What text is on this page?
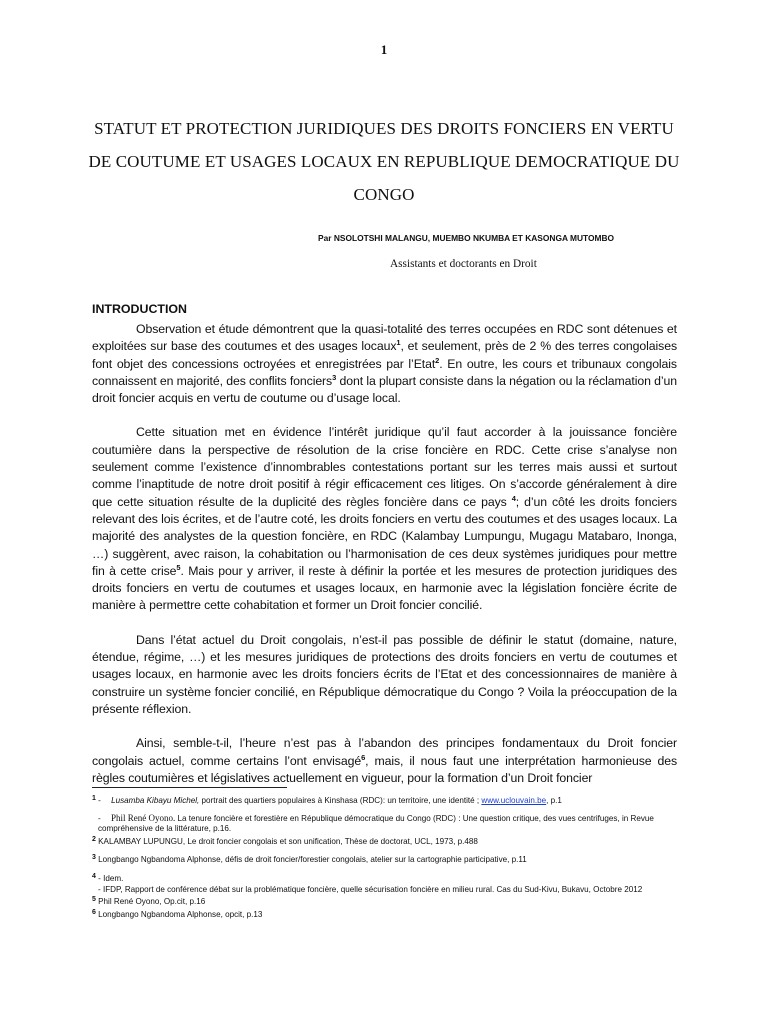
1
STATUT ET PROTECTION JURIDIQUES DES DROITS FONCIERS EN VERTU DE COUTUME ET USAGES LOCAUX EN REPUBLIQUE DEMOCRATIQUE DU CONGO
Par NSOLOTSHI MALANGU, MUEMBO NKUMBA ET KASONGA MUTOMBO
Assistants et doctorants en Droit
INTRODUCTION

Observation et étude démontrent que la quasi-totalité des terres occupées en RDC sont détenues et exploitées sur base des coutumes et des usages locaux$^1$, et seulement, près de 2 % des terres congolaises font objet des concessions octroyées et enregistrées par l’Etat$^2$. En outre, les cours et tribunaux congolais connaissent en majorité, des conflits fonciers$^3$ dont la plupart consiste dans la négation ou la réclamation d’un droit foncier acquis en vertu de coutume ou d’usage local.

Cette situation met en évidence l’intérêt juridique qu’il faut accorder à la jouissance foncière coutumière dans la perspective de résolution de la crise foncière en RDC. Cette crise s’analyse non seulement comme l’existence d’innombrables contestations portant sur les terres mais aussi et surtout comme l’inaptitude de notre droit positif à régir efficacement ces litiges. On s’accorde généralement à dire que cette situation résulte de la duplicité des règles foncière dans ce pays $^4$; d’un côté les droits fonciers relevant des lois écrites, et de l’autre coté, les droits fonciers en vertu des coutumes et des usages locaux. La majorité des analystes de la question foncière, en RDC (Kalambay Lumpungu, Mugagu Matabaro, Inonga, …) suggèrent, avec raison, la cohabitation ou l’harmonisation de ces deux systèmes juridiques pour mettre fin à cette crise$^5$. Mais pour y arriver, il reste à définir la portée et les mesures de protection juridiques des droits fonciers en vertu de coutumes et usages locaux, en harmonie avec la législation foncière écrite de manière à permettre cette cohabitation et former un Droit foncier concilié.

Dans l’état actuel du Droit congolais, n’est-il pas possible de définir le statut (domaine, nature, étendue, régime, …) et les mesures juridiques de protections des droits fonciers en vertu de coutumes et usages locaux, en harmonie avec les droits fonciers écrits de l’Etat et des concessionnaires de manière à construire un système foncier concilié, en République démocratique du Congo ? Voila la préoccupation de la présente réflexion.

Ainsi, semble-t-il, l’heure n’est pas à l’abandon des principes fondamentaux du Droit foncier congolais actuel, comme certains l’ont envisagé$^6$, mais, il nous faut une interprétation harmonieuse des règles coutumières et législatives actuellement en vigueur, pour la formation d’un Droit foncier

1 - Lusamba Kibayu Michel, portrait des quartiers populaires à Kinshasa (RDC): un territoire, une identité ; www.uclouvain.be, p.1
- Phil René Oyono. La tenure foncière et forestière en République démocratique du Congo (RDC) : Une question critique, des vues centrifuges, in Revue compréhensive de la littérature, p.16.
2 KALAMBAY LUPUNGU, Le droit foncier congolais et son unification, Thèse de doctorat, UCL, 1973, p.488
3 Longbango Ngbandoma Alphonse, défis de droit foncier/forestier congolais, atelier sur la cartographie participative, p.11
4 - Idem.
- IFDP, Rapport de conférence débat sur la problématique foncière, quelle sécurisation foncière en milieu rural. Cas du Sud-Kivu, Bukavu, Octobre 2012
5 Phil René Oyono, Op.cit, p.16
6 Longbango Ngbandoma Alphonse, opcit, p.13
